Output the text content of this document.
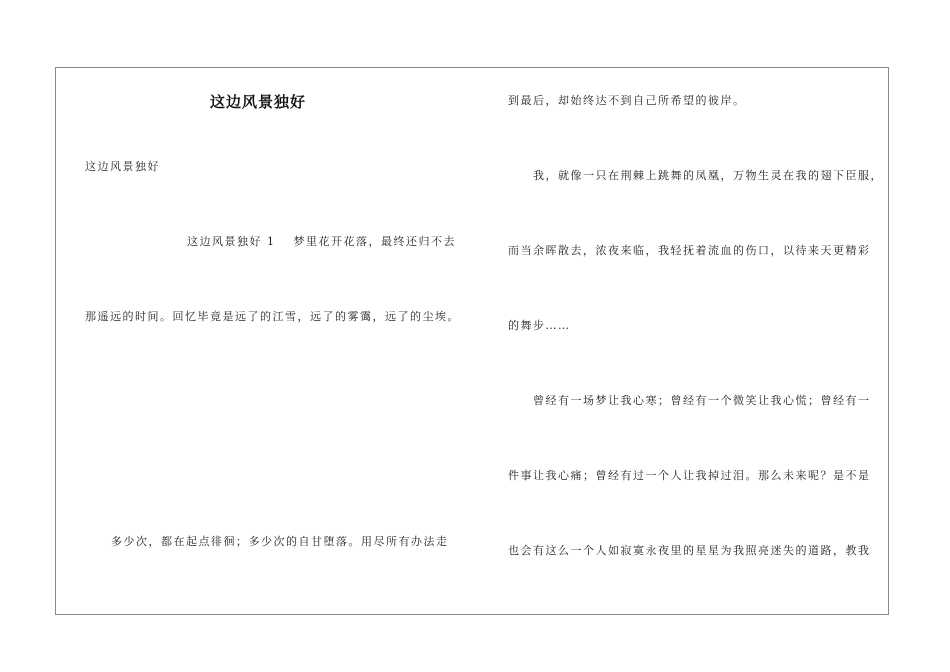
这边风景独好
这边风景独好
这边风景独好 1 梦里花开花落，最终还归不去
那遥远的时间。回忆毕竟是远了的江雪，远了的雾霭，远了的尘埃。
多少次，都在起点徘徊；多少次的自甘堕落。用尽所有办法走
到最后，却始终达不到自己所希望的彼岸。
我，就像一只在荆棘上跳舞的凤凰，万物生灵在我的翅下臣服，
而当余晖散去，浓夜来临，我轻抚着流血的伤口，以待来天更精彩
的舞步……
曾经有一场梦让我心寒；曾经有一个微笑让我心慌；曾经有一
件事让我心痛；曾经有过一个人让我掉过泪。那么未来呢？是不是
也会有这么一个人如寂寞永夜里的星星为我照亮迷失的道路，教我
